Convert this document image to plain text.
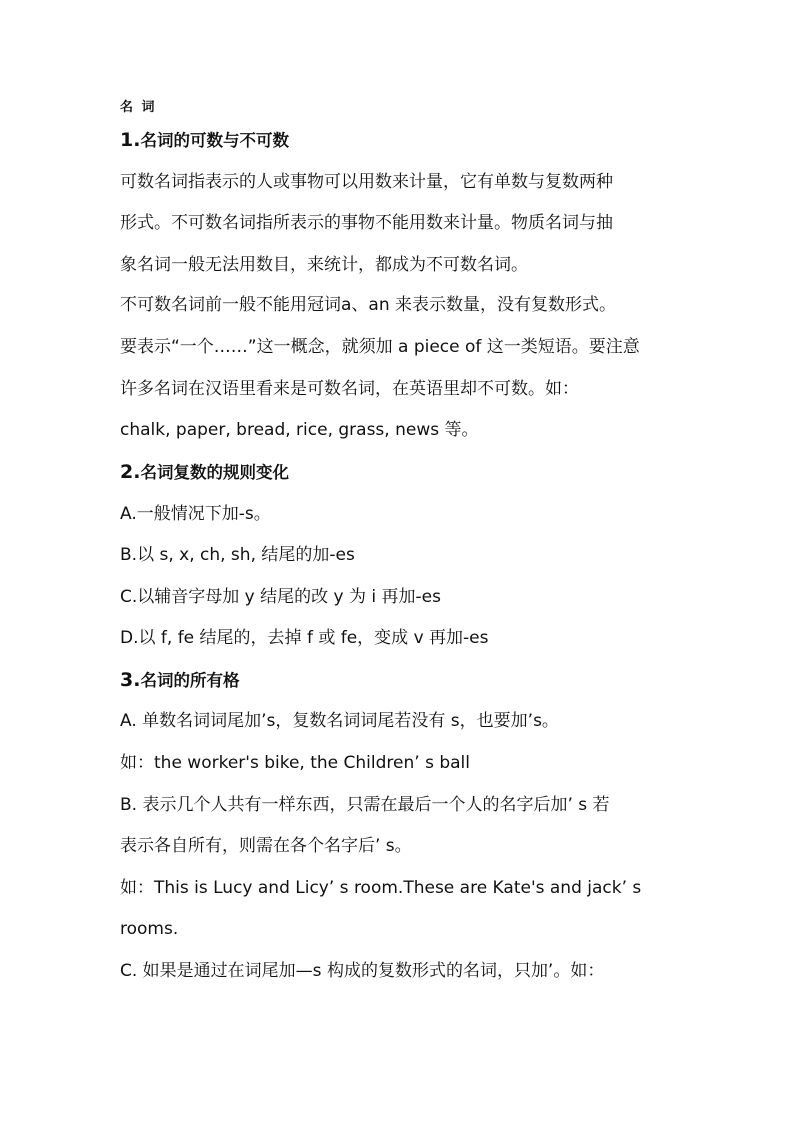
名 词
1.名词的可数与不可数
可数名词指表示的人或事物可以用数来计量，它有单数与复数两种
形式。不可数名词指所表示的事物不能用数来计量。物质名词与抽
象名词一般无法用数目，来统计，都成为不可数名词。
不可数名词前一般不能用冠词a、an 来表示数量，没有复数形式。
要表示“一个……”这一概念，就须加 a piece of 这一类短语。要注意
许多名词在汉语里看来是可数名词，在英语里却不可数。如：
chalk, paper, bread, rice, grass, news 等。
2.名词复数的规则变化
A.一般情况下加-s。
B.以 s, x, ch, sh, 结尾的加-es
C.以辅音字母加 y 结尾的改 y 为 i 再加-es
D.以 f, fe 结尾的，去掉 f 或 fe，变成 v 再加-es
3.名词的所有格
A. 单数名词词尾加’s，复数名词词尾若没有 s，也要加’s。
如：the worker's bike, the Children’ s ball
B. 表示几个人共有一样东西，只需在最后一个人的名字后加’ s 若
表示各自所有，则需在各个名字后’ s。
如：This is Lucy and Licy’ s room.These are Kate's and jack’ s
rooms.
C. 如果是通过在词尾加—s 构成的复数形式的名词，只加’。如：
